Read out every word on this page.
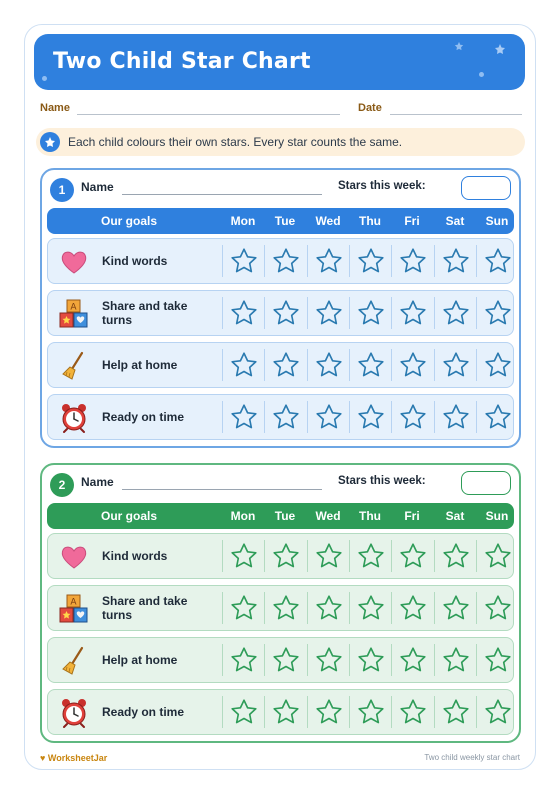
Two Child Star Chart
Name	Date
Each child colours their own stars. Every star counts the same.
1	Name	Stars this week:
Our goals	Mon	Tue	Wed	Thu	Fri	Sat	Sun
Kind words
A Share and take turns
Help at home
Ready on time
2	Name	Stars this week:
Our goals	Mon	Tue	Wed	Thu	Fri	Sat	Sun
Kind words
A Share and take turns
Help at home
Ready on time
♥ WorksheetJar	Two child weekly star chart
